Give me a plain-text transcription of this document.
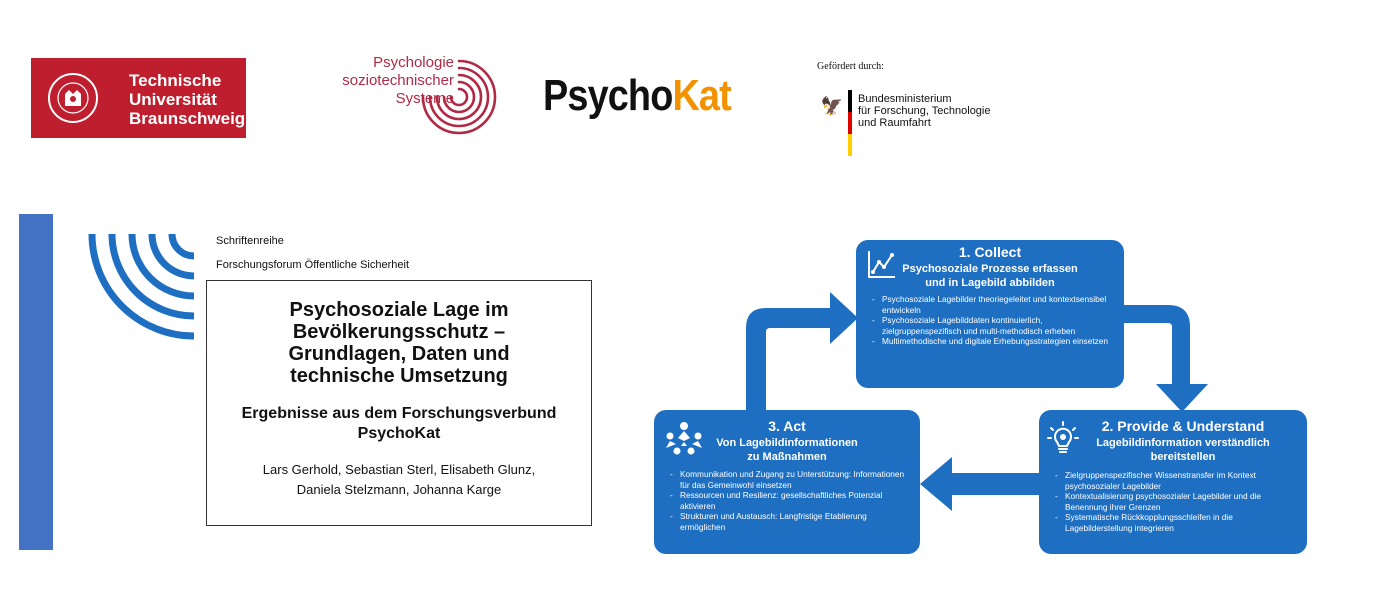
Technische
Universität
Braunschweig
Psychologie
soziotechnischer Systeme PsychoKat
Gefördert durch:
🦅 Bundesministerium
für Forschung, Technologie
und Raumfahrt
Schriftenreihe
Forschungsforum Öffentliche Sicherheit
Psychosoziale Lage im
Bevölkerungsschutz –
Grundlagen, Daten und
technische Umsetzung
Ergebnisse aus dem Forschungsverbund
PsychoKat
Lars Gerhold, Sebastian Sterl, Elisabeth Glunz,
Daniela Stelzmann, Johanna Karge
1. Collect
Psychosoziale Prozesse erfassen
und in Lagebild abbilden
- Psychosoziale Lagebilder theoriegeleitet und kontextsensibel entwickeln
- Psychosoziale Lagebilddaten kontinuierlich, zielgruppenspezifisch und multi-methodisch erheben
- Multimethodische und digitale Erhebungsstrategien einsetzen
2. Provide & Understand
Lagebildinformation verständlich
bereitstellen
- Zielgruppenspezifischer Wissenstransfer im Kontext psychosozialer Lagebilder
- Kontextualisierung psychosozialer Lagebilder und die Benennung ihrer Grenzen
- Systematische Rückkopplungsschleifen in die Lagebilderstellung integrieren
3. Act
Von Lagebildinformationen
zu Maßnahmen
- Kommunikation und Zugang zu Unterstützung: Informationen für das Gemeinwohl einsetzen
- Ressourcen und Resilienz: gesellschaftliches Potenzial aktivieren
- Strukturen und Austausch: Langfristige Etablierung ermöglichen
